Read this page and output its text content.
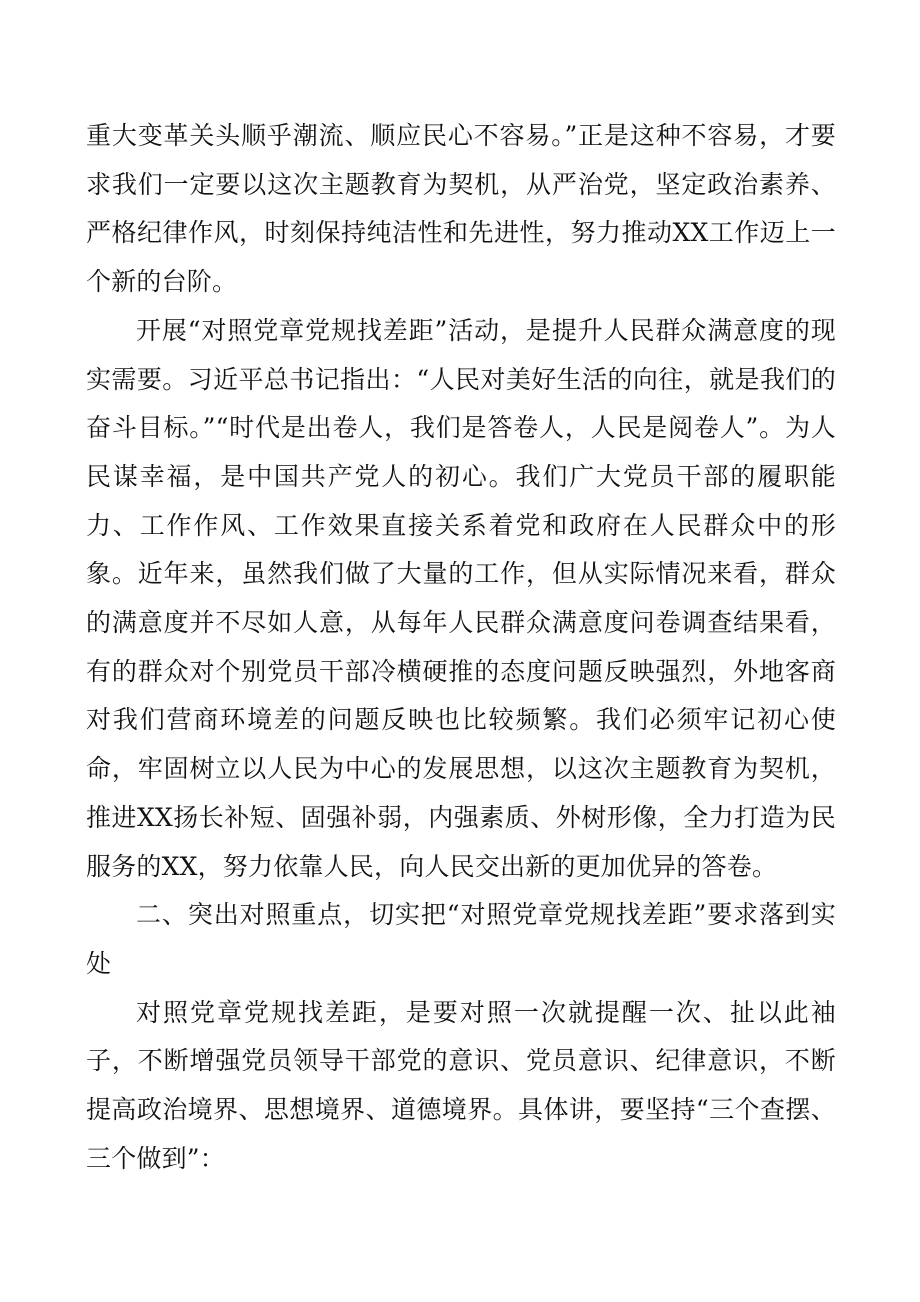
重大变革关头顺乎潮流、顺应民心不容易。”正是这种不容易，才要求我们一定要以这次主题教育为契机，从严治党，坚定政治素养、严格纪律作风，时刻保持纯洁性和先进性，努力推动XX工作迈上一个新的台阶。

开展“对照党章党规找差距”活动，是提升人民群众满意度的现实需要。习近平总书记指出：“人民对美好生活的向往，就是我们的奋斗目标。”“时代是出卷人，我们是答卷人，人民是阅卷人”。为人民谋幸福，是中国共产党人的初心。我们广大党员干部的履职能力、工作作风、工作效果直接关系着党和政府在人民群众中的形象。近年来，虽然我们做了大量的工作，但从实际情况来看，群众的满意度并不尽如人意，从每年人民群众满意度问卷调查结果看，有的群众对个别党员干部冷横硬推的态度问题反映强烈，外地客商对我们营商环境差的问题反映也比较频繁。我们必须牢记初心使命，牢固树立以人民为中心的发展思想，以这次主题教育为契机，推进XX扬长补短、固强补弱，内强素质、外树形像，全力打造为民服务的XX，努力依靠人民，向人民交出新的更加优异的答卷。

二、突出对照重点，切实把“对照党章党规找差距”要求落到实处

对照党章党规找差距，是要对照一次就提醒一次、扯以此袖子，不断增强党员领导干部党的意识、党员意识、纪律意识，不断提高政治境界、思想境界、道德境界。具体讲，要坚持“三个查摆、三个做到”：
